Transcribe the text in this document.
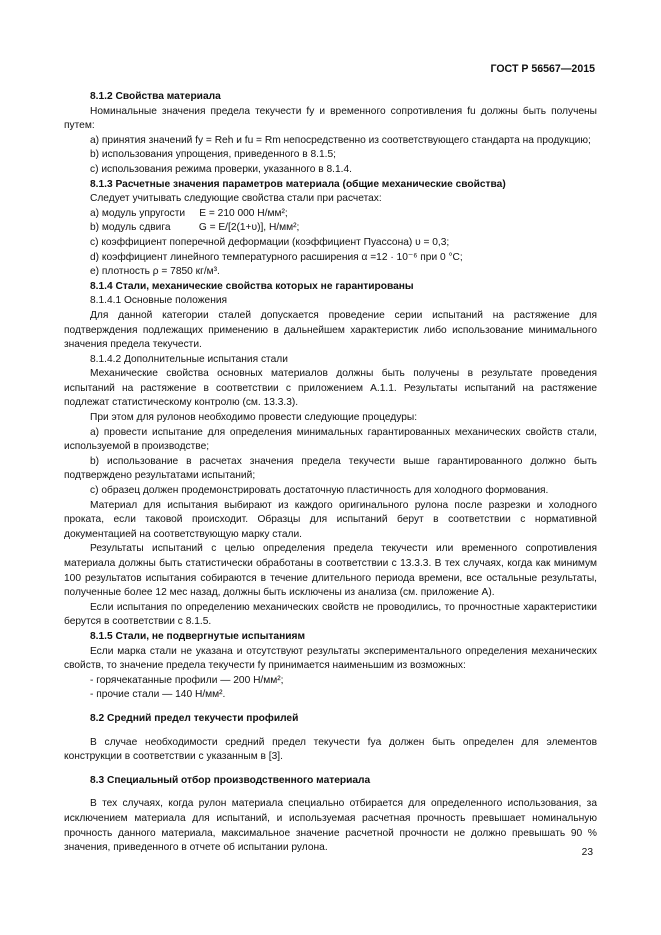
ГОСТ Р 56567—2015

8.1.2 Свойства материала

Номинальные значения предела текучести fy и временного сопротивления fu должны быть получены путем:

a) принятия значений fy = Reh и fu = Rm непосредственно из соответствующего стандарта на продукцию;

b) использования упрощения, приведенного в 8.1.5;

c) использования режима проверки, указанного в 8.1.4.

8.1.3 Расчетные значения параметров материала (общие механические свойства)

Следует учитывать следующие свойства стали при расчетах:

a) модуль упругости     E = 210 000 Н/мм²;

b) модуль сдвига          G = E/[2(1+υ)], Н/мм²;

c) коэффициент поперечной деформации (коэффициент Пуассона) υ = 0,3;

d) коэффициент линейного температурного расширения α =12 · 10⁻⁶ при 0 °С;

e) плотность ρ = 7850 кг/м³.

8.1.4 Стали, механические свойства которых не гарантированы

8.1.4.1 Основные положения

Для данной категории сталей допускается проведение серии испытаний на растяжение для подтверждения подлежащих применению в дальнейшем характеристик либо использование минимального значения предела текучести.

8.1.4.2 Дополнительные испытания стали

Механические свойства основных материалов должны быть получены в результате проведения испытаний на растяжение в соответствии с приложением А.1.1. Результаты испытаний на растяжение подлежат статистическому контролю (см. 13.3.3).

При этом для рулонов необходимо провести следующие процедуры:

a) провести испытание для определения минимальных гарантированных механических свойств стали, используемой в производстве;

b) использование в расчетах значения предела текучести выше гарантированного должно быть подтверждено результатами испытаний;

c) образец должен продемонстрировать достаточную пластичность для холодного формования.

Материал для испытания выбирают из каждого оригинального рулона после разрезки и холодного проката, если таковой происходит. Образцы для испытаний берут в соответствии с нормативной документацией на соответствующую марку стали.

Результаты испытаний с целью определения предела текучести или временного сопротивления материала должны быть статистически обработаны в соответствии с 13.3.3. В тех случаях, когда как минимум 100 результатов испытания собираются в течение длительного периода времени, все остальные результаты, полученные более 12 мес назад, должны быть исключены из анализа (см. приложение А).

Если испытания по определению механических свойств не проводились, то прочностные характеристики берутся в соответствии с 8.1.5.

8.1.5 Стали, не подвергнутые испытаниям

Если марка стали не указана и отсутствуют результаты экспериментального определения механических свойств, то значение предела текучести fy принимается наименьшим из возможных:

- горячекатанные профили — 200 Н/мм²;

- прочие стали — 140 Н/мм².

8.2 Средний предел текучести профилей

В случае необходимости средний предел текучести fya должен быть определен для элементов конструкции в соответствии с указанным в [3].

8.3 Специальный отбор производственного материала

В тех случаях, когда рулон материала специально отбирается для определенного использования, за исключением материала для испытаний, и используемая расчетная прочность превышает номинальную прочность данного материала, максимальное значение расчетной прочности не должно превышать 90 % значения, приведенного в отчете об испытании рулона.	23
